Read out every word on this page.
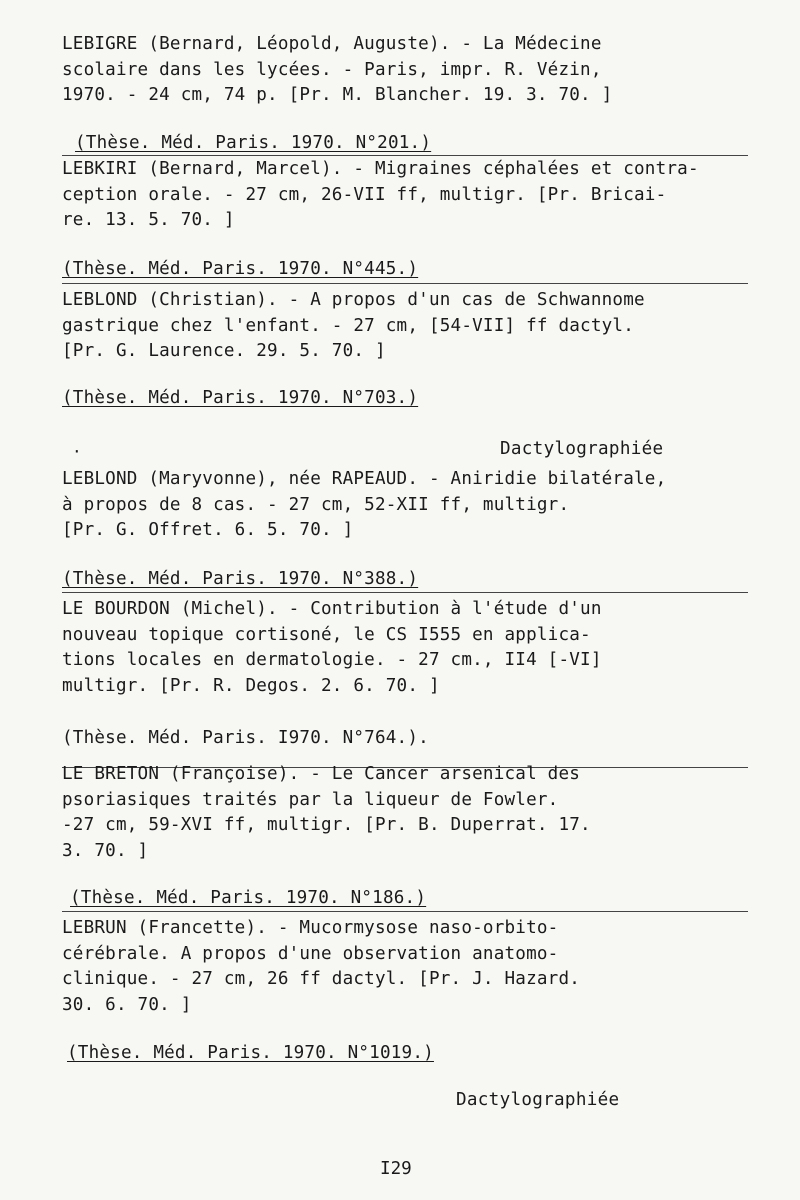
LEBIGRE (Bernard, Léopold, Auguste). - La Médecine
scolaire dans les lycées. - Paris, impr. R. Vézin,
1970. - 24 cm, 74 p. [Pr. M. Blancher. 19. 3. 70. ]
(Thèse. Méd. Paris. 1970. N°201.)
LEBKIRI (Bernard, Marcel). - Migraines céphalées et contra-
ception orale. - 27 cm, 26-VII ff, multigr. [Pr. Bricai-
re. 13. 5. 70. ]
(Thèse. Méd. Paris. 1970. N°445.)
LEBLOND (Christian). - A propos d'un cas de Schwannome
gastrique chez l'enfant. - 27 cm, [54-VII] ff dactyl.
[Pr. G. Laurence. 29. 5. 70. ]
(Thèse. Méd. Paris. 1970. N°703.)
·	Dactylographiée
LEBLOND (Maryvonne), née RAPEAUD. - Aniridie bilatérale,
à propos de 8 cas. - 27 cm, 52-XII ff, multigr.
[Pr. G. Offret. 6. 5. 70. ]
(Thèse. Méd. Paris. 1970. N°388.)
LE BOURDON (Michel). - Contribution à l'étude d'un
nouveau topique cortisoné, le CS I555 en applica-
tions locales en dermatologie. - 27 cm., II4 [-VI]
multigr. [Pr. R. Degos. 2. 6. 70. ]
(Thèse. Méd. Paris. I970. N°764.).
LE BRETON (Françoise). - Le Cancer arsenical des
psoriasiques traités par la liqueur de Fowler.
-27 cm, 59-XVI ff, multigr. [Pr. B. Duperrat. 17.
3. 70. ]
(Thèse. Méd. Paris. 1970. N°186.)
LEBRUN (Francette). - Mucormysose naso-orbito-
cérébrale. A propos d'une observation anatomo-
clinique. - 27 cm, 26 ff dactyl. [Pr. J. Hazard.
30. 6. 70. ]
(Thèse. Méd. Paris. 1970. N°1019.)
Dactylographiée
I29
